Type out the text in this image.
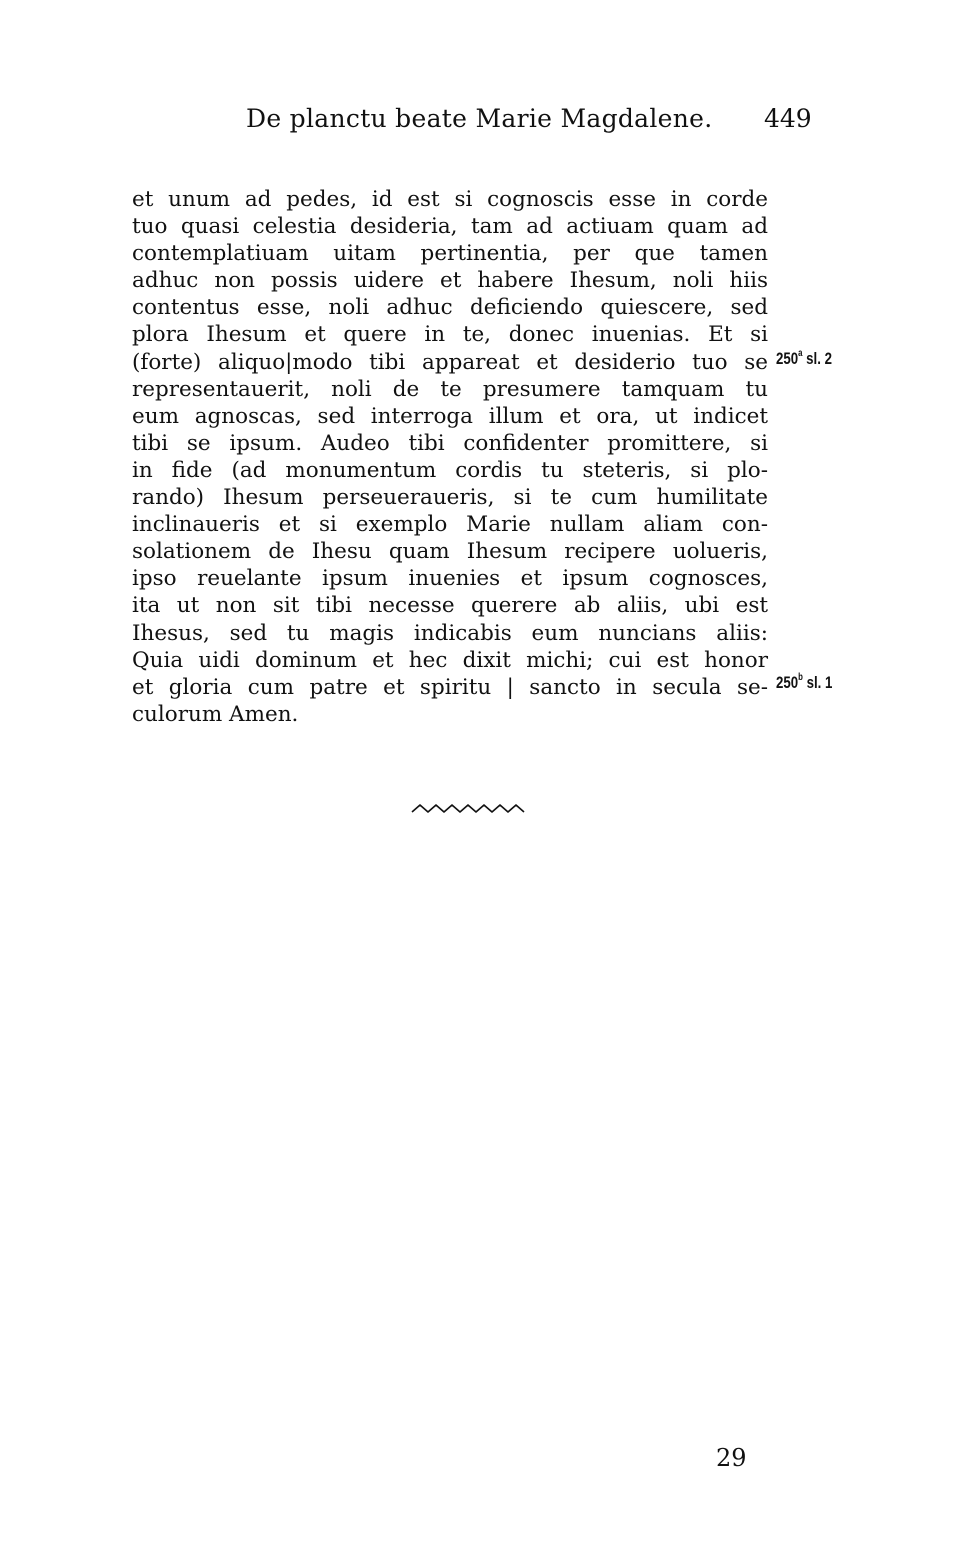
De planctu beate Marie Magdalene. 449
et unum ad pedes, id est si cognoscis esse in corde
tuo quasi celestia desideria, tam ad actiuam quam ad
contemplatiuam uitam pertinentia, per que tamen
adhuc non possis uidere et habere Ihesum, noli hiis
contentus esse, noli adhuc deficiendo quiescere, sed
plora Ihesum et quere in te, donec inuenias. Et si
(forte) aliquo|modo tibi appareat et desiderio tuo se
representauerit, noli de te presumere tamquam tu
eum agnoscas, sed interroga illum et ora, ut indicet
tibi se ipsum. Audeo tibi confidenter promittere, si
in fide (ad monumentum cordis tu steteris, si plo-
rando) Ihesum perseueraueris, si te cum humilitate
inclinaueris et si exemplo Marie nullam aliam con-
solationem de Ihesu quam Ihesum recipere uolueris,
ipso reuelante ipsum inuenies et ipsum cognosces,
ita ut non sit tibi necesse querere ab aliis, ubi est
Ihesus, sed tu magis indicabis eum nuncians aliis:
Quia uidi dominum et hec dixit michi; cui est honor
et gloria cum patre et spiritu | sancto in secula se-
culorum Amen.
250$^a$ sl. 2
250$^b$ sl. 1
29
